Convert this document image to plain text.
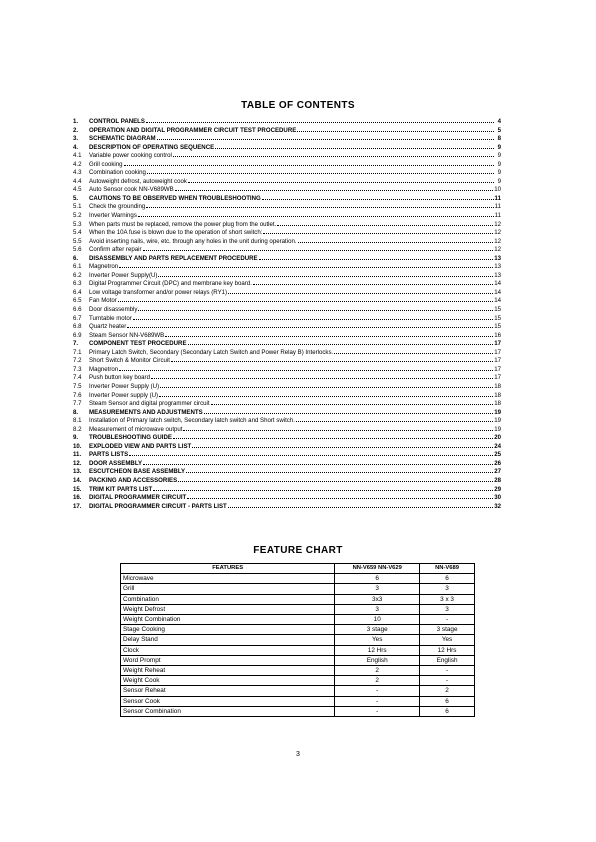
TABLE OF CONTENTS
1.	CONTROL PANELS	4
2.	OPERATION AND DIGITAL PROGRAMMER CIRCUIT TEST PROCEDURE	5
3.	SCHEMATIC DIAGRAM	8
4.	DESCRIPTION OF OPERATING SEQUENCE	9
4.1	Variable power cooking control	9
4.2	Grill cooking	9
4.3	Combination cooking	9
4.4	Autoweight defrost, autoweight cook	9
4.5	Auto Sensor cook NN-V689WB	10
5.	CAUTIONS TO BE OBSERVED WHEN TROUBLESHOOTING	11
5.1	Check the grounding	11
5.2	Inverter Warnings	11
5.3	When parts must be replaced, remove the power plug from the outlet.	12
5.4	When the 10A fuse is blown due to the operation of short switch:	12
5.5	Avoid inserting nails, wire, etc. through any holes in the unit during operation.	12
5.6	Confirm after repair	12
6.	DISASSEMBLY AND PARTS REPLACEMENT PROCEDURE	13
6.1	Magnetron	13
6.2	Inverter Power Supply(U)	13
6.3	Digital Programmer Circuit (DPC) and membrane key board.	14
6.4	Low voltage transformer and/or power relays (RY1)	14
6.5	Fan Motor	14
6.6	Door disassembly	15
6.7	Turntable motor	15
6.8	Quartz heater	15
6.9	Steam Sensor NN-V689WB	16
7.	COMPONENT TEST PROCEDURE	17
7.1	Primary Latch Switch, Secondary (Secondary Latch Switch and Power Relay B) Interlocks.	17
7.2	Short Switch & Monitor Circuit	17
7.3	Magnetron	17
7.4	Push button key board	17
7.5	Inverter Power Supply (U)	18
7.6	Inverter Power supply (U)	18
7.7	Steam Sensor and digital programmer circuit	18
8.	MEASUREMENTS AND ADJUSTMENTS	19
8.1	Installation of Primary latch switch, Secondary latch switch and Short switch.	19
8.2	Measurement of microwave output	19
9.	TROUBLESHOOTING GUIDE	20
10.	EXPLODED VIEW AND PARTS LIST	24
11.	PARTS LISTS	25
12.	DOOR ASSEMBLY	26
13.	ESCUTCHEON BASE ASSEMBLY	27
14.	PACKING AND ACCESSORIES	28
15.	TRIM KIT PARTS LIST	29
16.	DIGITAL PROGRAMMER CIRCUIT	30
17.	DIGITAL PROGRAMMER CIRCUIT - PARTS LIST	32
FEATURE CHART
FEATURES	NN-V659 NN-V629	NN-V689
Microwave	6	6
Grill	3	3
Combination	3x3	3 x 3
Weight Defrost	3	3
Weight Combination	10	-
Stage Cooking	3 stage	3 stage
Delay Stand	Yes	Yes
Clock	12 Hrs	12 Hrs
Word Prompt	English	English
Weight Reheat	2	-
Weight Cook	2	-
Sensor Reheat	-	2
Sensor Cook	-	6
Sensor Combination	-	6
3
